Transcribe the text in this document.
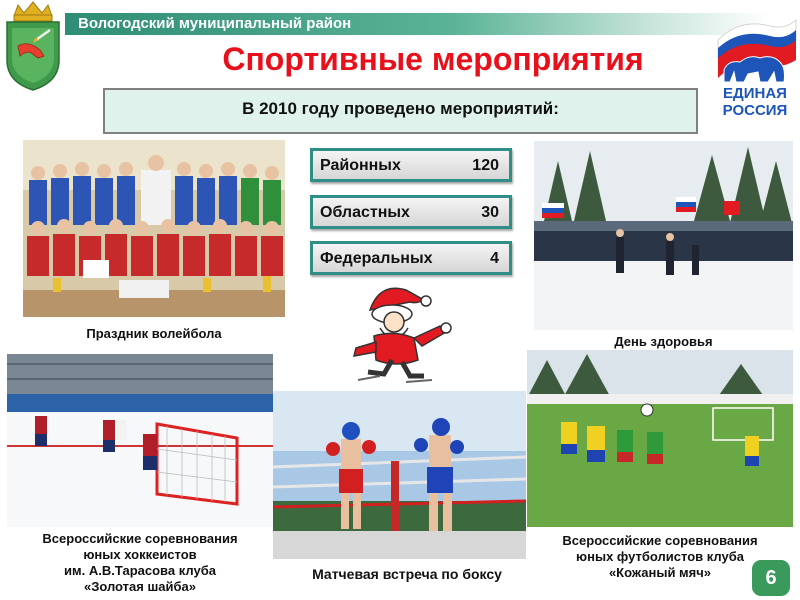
Вологодский муниципальный район
ЕДИНАЯ
РОССИЯ
Спортивные мероприятия
В 2010 году проведено мероприятий:
Праздник волейбола
Районных	120
Областных	30
Федеральных	4
День здоровья
Всероссийские соревнования
юных хоккеистов
им. А.В.Тарасова клуба
«Золотая шайба»
Матчевая встреча по боксу
Всероссийские соревнования
юных футболистов клуба
«Кожаный мяч»	6
